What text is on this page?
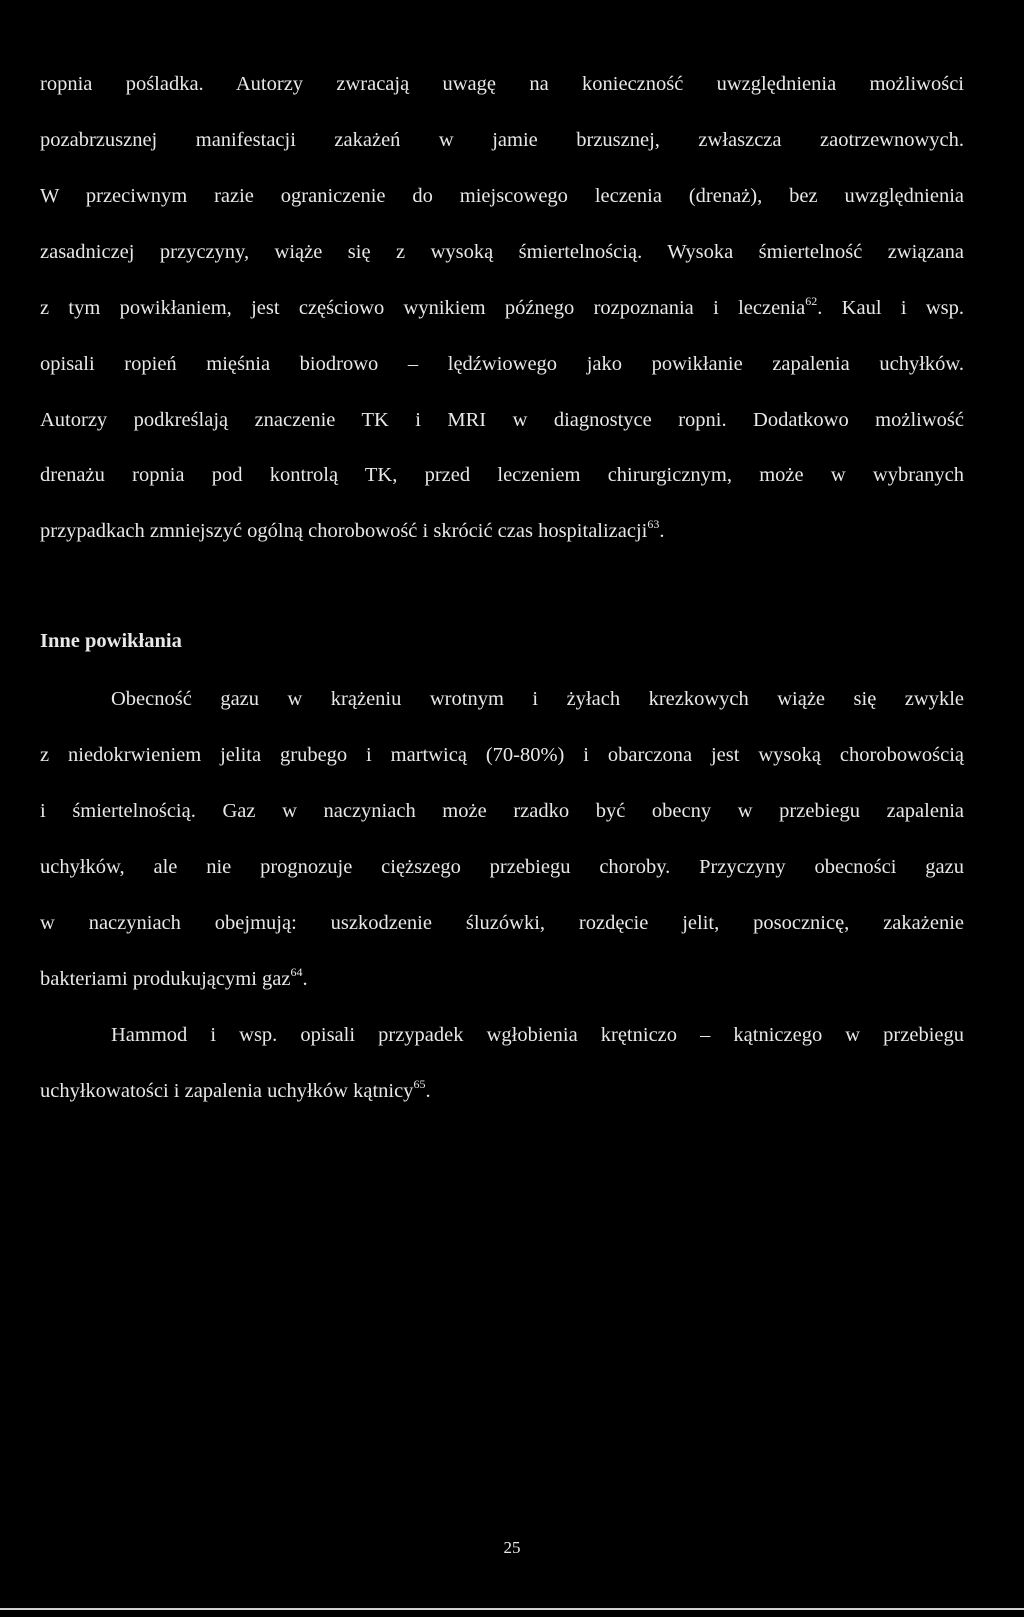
ropnia pośladka. Autorzy zwracają uwagę na konieczność uwzględnienia możliwości
pozabrzusznej manifestacji zakażeń w jamie brzusznej, zwłaszcza zaotrzewnowych.
W przeciwnym razie ograniczenie do miejscowego leczenia (drenaż), bez uwzględnienia
zasadniczej przyczyny, wiąże się z wysoką śmiertelnością. Wysoka śmiertelność związana
z tym powikłaniem, jest częściowo wynikiem późnego rozpoznania i leczenia$^{62}$. Kaul i wsp.
opisali ropień mięśnia biodrowo – lędźwiowego jako powikłanie zapalenia uchyłków.
Autorzy podkreślają znaczenie TK i MRI w diagnostyce ropni. Dodatkowo możliwość
drenażu ropnia pod kontrolą TK, przed leczeniem chirurgicznym, może w wybranych
przypadkach zmniejszyć ogólną chorobowość i skrócić czas hospitalizacji$^{63}$.
Inne powikłania
Obecność gazu w krążeniu wrotnym i żyłach krezkowych wiąże się zwykle
z niedokrwieniem jelita grubego i martwicą (70-80%) i obarczona jest wysoką chorobowością
i śmiertelnością. Gaz w naczyniach może rzadko być obecny w przebiegu zapalenia
uchyłków, ale nie prognozuje cięższego przebiegu choroby. Przyczyny obecności gazu
w naczyniach obejmują: uszkodzenie śluzówki, rozdęcie jelit, posocznicę, zakażenie
bakteriami produkującymi gaz$^{64}$.
Hammod i wsp. opisali przypadek wgłobienia krętniczo – kątniczego w przebiegu
uchyłkowatości i zapalenia uchyłków kątnicy$^{65}$.
25
